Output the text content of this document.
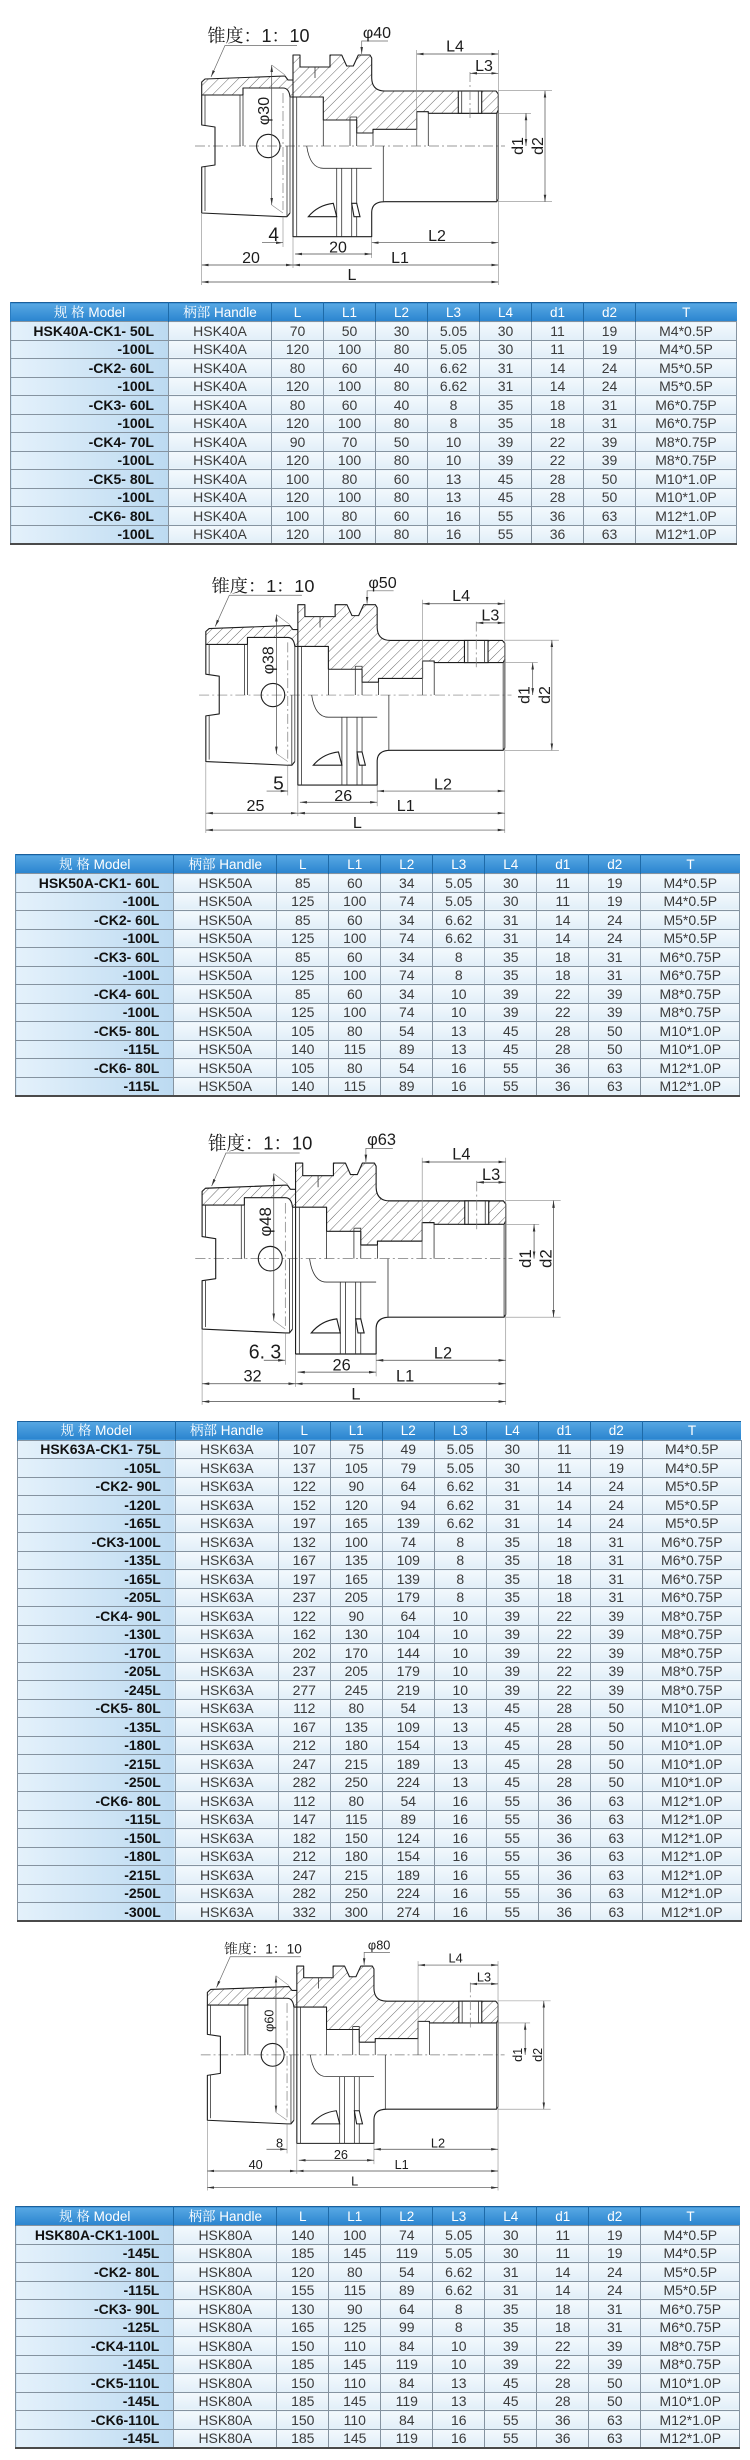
锥度：1：10	φ40
φ30
L4
L3
d1 d2
4
20
L2
20	L1
L
规 格 Model	柄部 Handle	L	L1	L2	L3	L4	d1	d2	T
HSK40A-CK1- 50L	HSK40A	70	50	30	5.05	30	11	19	M4*0.5P
-100L	HSK40A	120	100	80	5.05	30	11	19	M4*0.5P
-CK2- 60L	HSK40A	80	60	40	6.62	31	14	24	M5*0.5P
-100L	HSK40A	120	100	80	6.62	31	14	24	M5*0.5P
-CK3- 60L	HSK40A	80	60	40	8	35	18	31	M6*0.75P
-100L	HSK40A	120	100	80	8	35	18	31	M6*0.75P
-CK4- 70L	HSK40A	90	70	50	10	39	22	39	M8*0.75P
-100L	HSK40A	120	100	80	10	39	22	39	M8*0.75P
-CK5- 80L	HSK40A	100	80	60	13	45	28	50	M10*1.0P
-100L	HSK40A	120	100	80	13	45	28	50	M10*1.0P
-CK6- 80L	HSK40A	100	80	60	16	55	36	63	M12*1.0P
-100L	HSK40A	120	100	80	16	55	36	63	M12*1.0P
锥度：1：10	φ50
φ38
L4
L3
d1 d2
5
26
L2
25	L1
L
规 格 Model	柄部 Handle	L	L1	L2	L3	L4	d1	d2	T
HSK50A-CK1- 60L	HSK50A	85	60	34	5.05	30	11	19	M4*0.5P
-100L	HSK50A	125	100	74	5.05	30	11	19	M4*0.5P
-CK2- 60L	HSK50A	85	60	34	6.62	31	14	24	M5*0.5P
-100L	HSK50A	125	100	74	6.62	31	14	24	M5*0.5P
-CK3- 60L	HSK50A	85	60	34	8	35	18	31	M6*0.75P
-100L	HSK50A	125	100	74	8	35	18	31	M6*0.75P
-CK4- 60L	HSK50A	85	60	34	10	39	22	39	M8*0.75P
-100L	HSK50A	125	100	74	10	39	22	39	M8*0.75P
-CK5- 80L	HSK50A	105	80	54	13	45	28	50	M10*1.0P
-115L	HSK50A	140	115	89	13	45	28	50	M10*1.0P
-CK6- 80L	HSK50A	105	80	54	16	55	36	63	M12*1.0P
-115L	HSK50A	140	115	89	16	55	36	63	M12*1.0P
锥度：1：10	φ63
φ48
L4
L3
d1 d2
6. 3
26
L2
32	L1
L
规 格 Model	柄部 Handle	L	L1	L2	L3	L4	d1	d2	T
HSK63A-CK1- 75L	HSK63A	107	75	49	5.05	30	11	19	M4*0.5P
-105L	HSK63A	137	105	79	5.05	30	11	19	M4*0.5P
-CK2- 90L	HSK63A	122	90	64	6.62	31	14	24	M5*0.5P
-120L	HSK63A	152	120	94	6.62	31	14	24	M5*0.5P
-165L	HSK63A	197	165	139	6.62	31	14	24	M5*0.5P
-CK3-100L	HSK63A	132	100	74	8	35	18	31	M6*0.75P
-135L	HSK63A	167	135	109	8	35	18	31	M6*0.75P
-165L	HSK63A	197	165	139	8	35	18	31	M6*0.75P
-205L	HSK63A	237	205	179	8	35	18	31	M6*0.75P
-CK4- 90L	HSK63A	122	90	64	10	39	22	39	M8*0.75P
-130L	HSK63A	162	130	104	10	39	22	39	M8*0.75P
-170L	HSK63A	202	170	144	10	39	22	39	M8*0.75P
-205L	HSK63A	237	205	179	10	39	22	39	M8*0.75P
-245L	HSK63A	277	245	219	10	39	22	39	M8*0.75P
-CK5- 80L	HSK63A	112	80	54	13	45	28	50	M10*1.0P
-135L	HSK63A	167	135	109	13	45	28	50	M10*1.0P
-180L	HSK63A	212	180	154	13	45	28	50	M10*1.0P
-215L	HSK63A	247	215	189	13	45	28	50	M10*1.0P
-250L	HSK63A	282	250	224	13	45	28	50	M10*1.0P
-CK6- 80L	HSK63A	112	80	54	16	55	36	63	M12*1.0P
-115L	HSK63A	147	115	89	16	55	36	63	M12*1.0P
-150L	HSK63A	182	150	124	16	55	36	63	M12*1.0P
-180L	HSK63A	212	180	154	16	55	36	63	M12*1.0P
-215L	HSK63A	247	215	189	16	55	36	63	M12*1.0P
-250L	HSK63A	282	250	224	16	55	36	63	M12*1.0P
-300L	HSK63A	332	300	274	16	55	36	63	M12*1.0P
锥度：1：10	φ80
φ60
L4
L3
d1 d2
8
26
L2
40	L1
L
规 格 Model	柄部 Handle	L	L1	L2	L3	L4	d1	d2	T
HSK80A-CK1-100L	HSK80A	140	100	74	5.05	30	11	19	M4*0.5P
-145L	HSK80A	185	145	119	5.05	30	11	19	M4*0.5P
-CK2- 80L	HSK80A	120	80	54	6.62	31	14	24	M5*0.5P
-115L	HSK80A	155	115	89	6.62	31	14	24	M5*0.5P
-CK3- 90L	HSK80A	130	90	64	8	35	18	31	M6*0.75P
-125L	HSK80A	165	125	99	8	35	18	31	M6*0.75P
-CK4-110L	HSK80A	150	110	84	10	39	22	39	M8*0.75P
-145L	HSK80A	185	145	119	10	39	22	39	M8*0.75P
-CK5-110L	HSK80A	150	110	84	13	45	28	50	M10*1.0P
-145L	HSK80A	185	145	119	13	45	28	50	M10*1.0P
-CK6-110L	HSK80A	150	110	84	16	55	36	63	M12*1.0P
-145L	HSK80A	185	145	119	16	55	36	63	M12*1.0P
